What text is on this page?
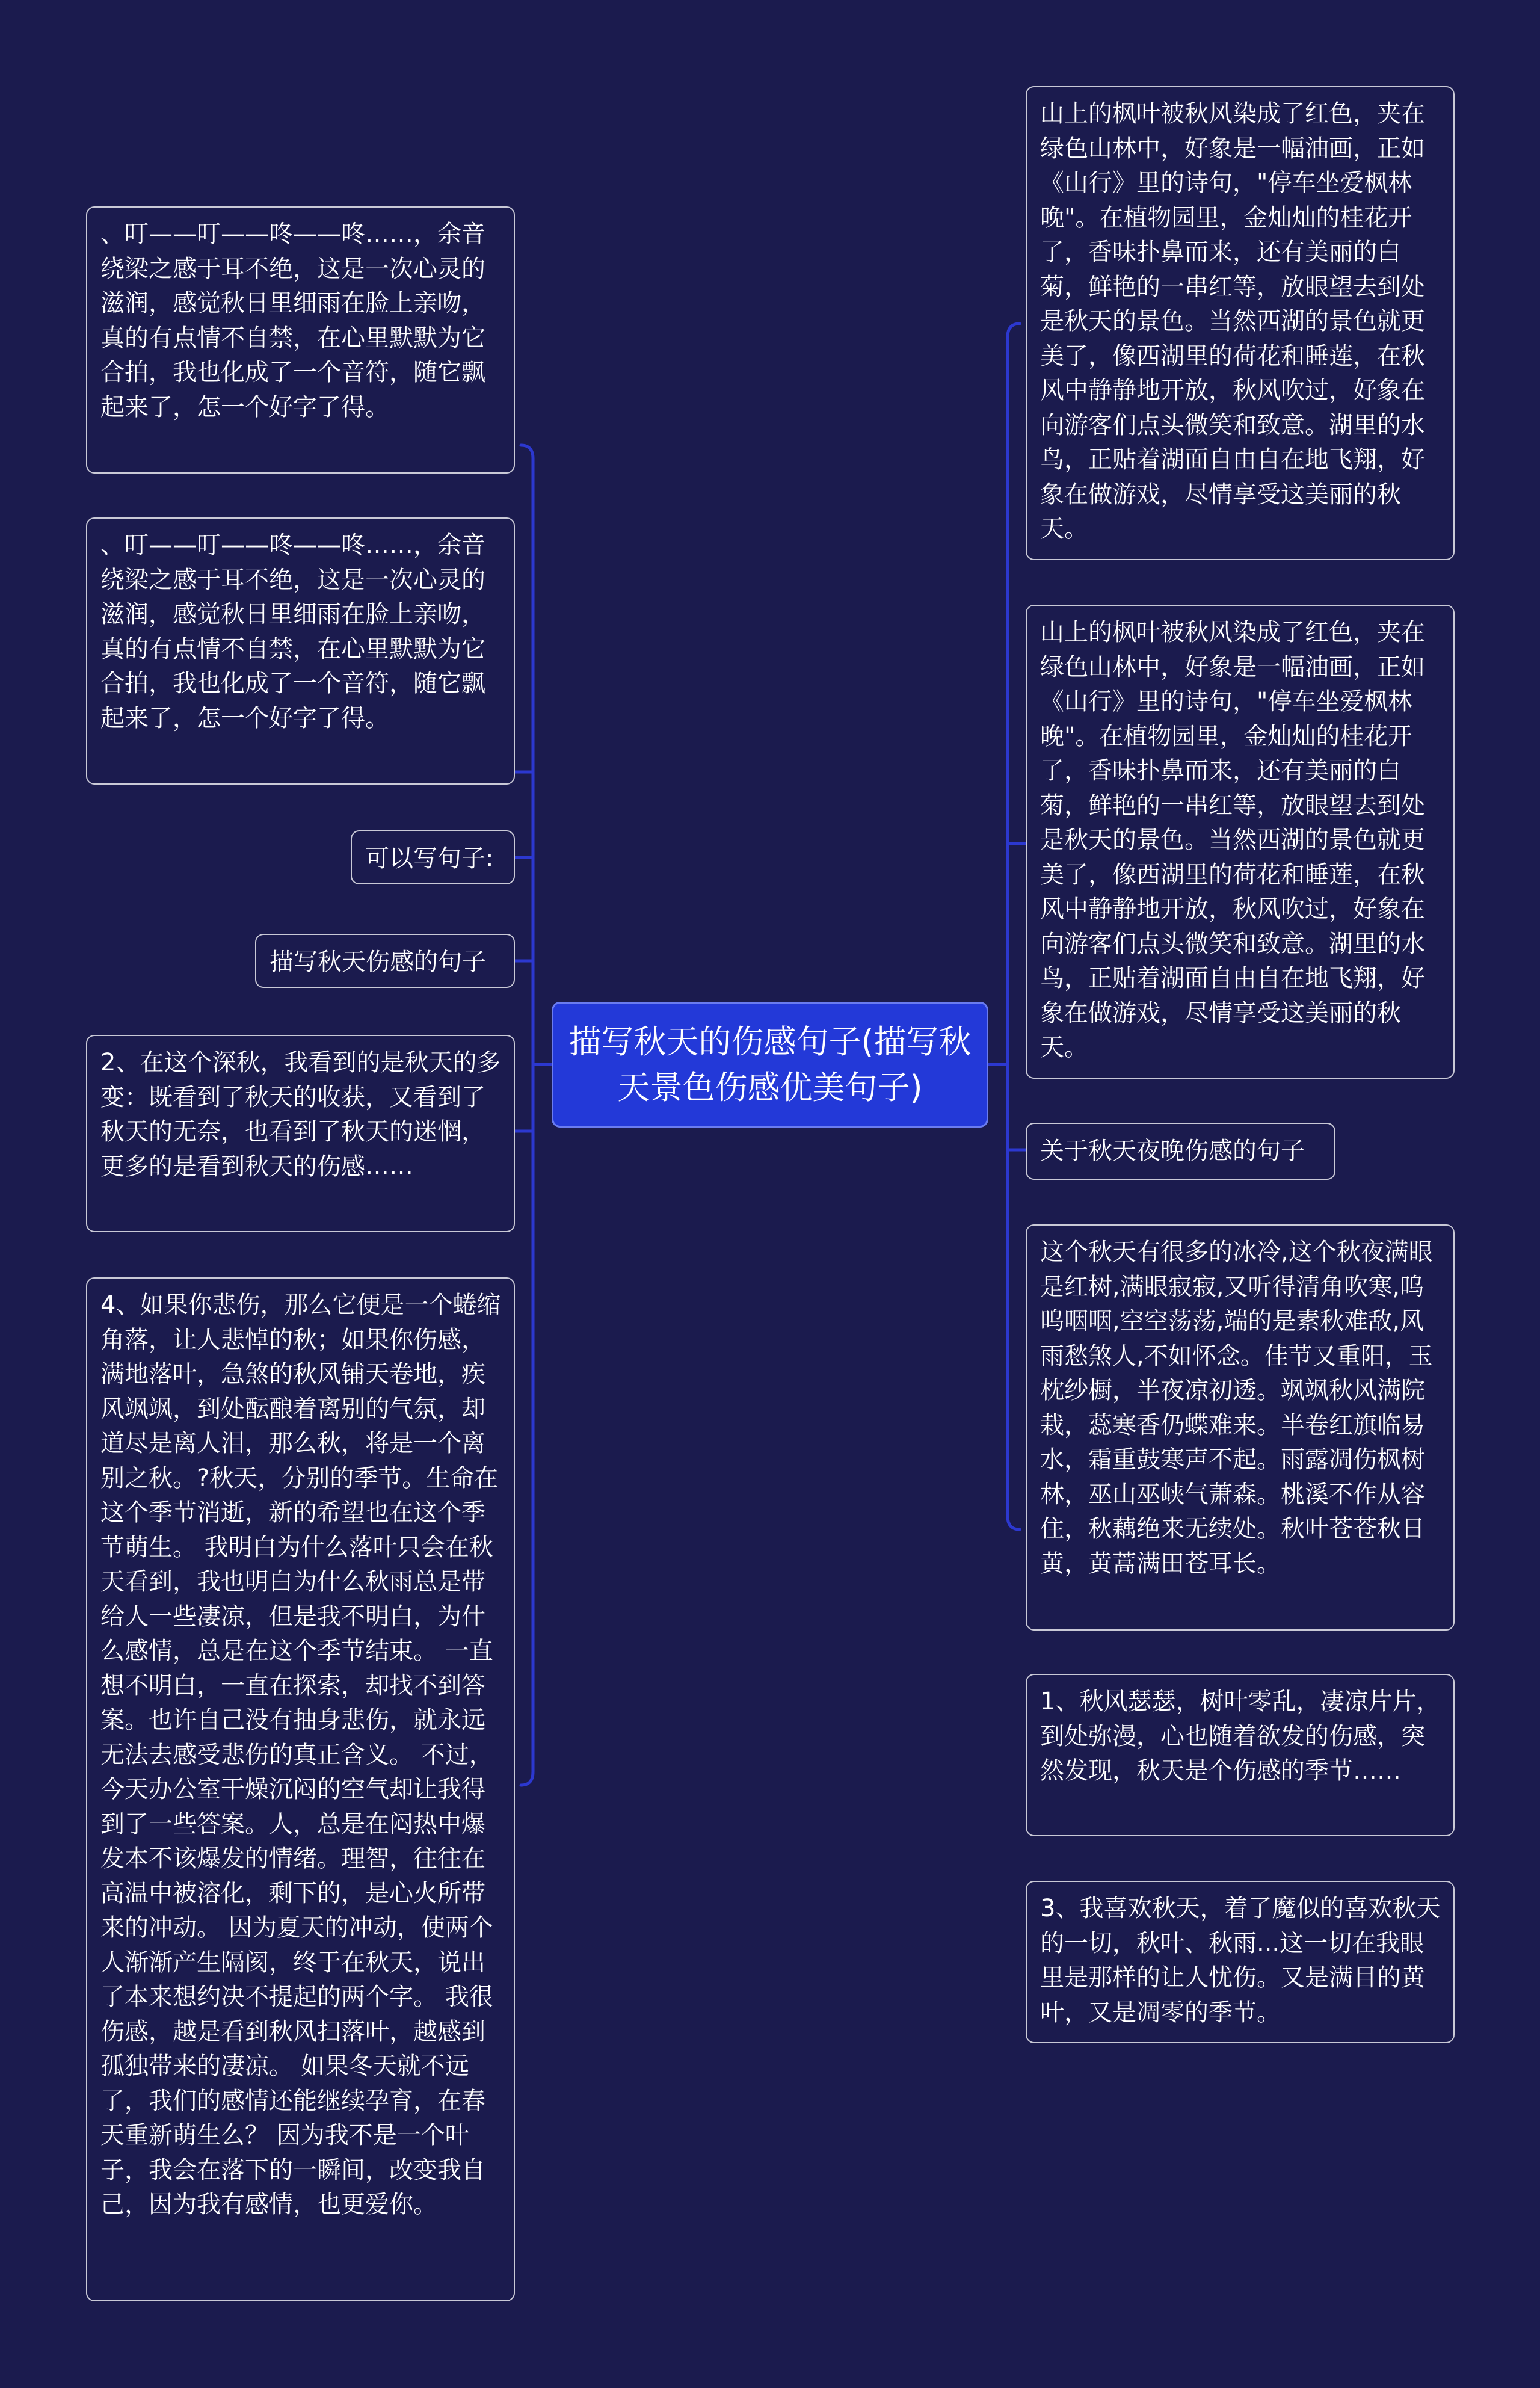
描写秋天的伤感句子(描写秋天景色伤感优美句子)
、叮——叮——咚——咚……，余音绕梁之感于耳不绝，这是一次心灵的滋润，感觉秋日里细雨在脸上亲吻，真的有点情不自禁，在心里默默为它合拍，我也化成了一个音符，随它飘起来了，怎一个好字了得。
、叮——叮——咚——咚……，余音绕梁之感于耳不绝，这是一次心灵的滋润，感觉秋日里细雨在脸上亲吻，真的有点情不自禁，在心里默默为它合拍，我也化成了一个音符，随它飘起来了，怎一个好字了得。
可以写句子:
描写秋天伤感的句子
2、在这个深秋，我看到的是秋天的多变：既看到了秋天的收获，又看到了秋天的无奈，也看到了秋天的迷惘，更多的是看到秋天的伤感……
4、如果你悲伤，那么它便是一个蜷缩角落，让人悲悼的秋；如果你伤感，满地落叶，急煞的秋风铺天卷地，疾风飒飒，到处酝酿着离别的气氛，却道尽是离人泪，那么秋，将是一个离别之秋。?秋天，分别的季节。生命在这个季节消逝，新的希望也在这个季节萌生。 我明白为什么落叶只会在秋天看到，我也明白为什么秋雨总是带给人一些凄凉，但是我不明白，为什么感情，总是在这个季节结束。 一直想不明白，一直在探索，却找不到答案。也许自己没有抽身悲伤，就永远无法去感受悲伤的真正含义。 不过，今天办公室干燥沉闷的空气却让我得到了一些答案。人，总是在闷热中爆发本不该爆发的情绪。理智，往往在高温中被溶化，剩下的，是心火所带来的冲动。 因为夏天的冲动，使两个人渐渐产生隔阂，终于在秋天，说出了本来想约决不提起的两个字。 我很伤感，越是看到秋风扫落叶，越感到孤独带来的凄凉。 如果冬天就不远了，我们的感情还能继续孕育，在春天重新萌生么？ 因为我不是一个叶子，我会在落下的一瞬间，改变我自己，因为我有感情，也更爱你。
山上的枫叶被秋风染成了红色，夹在绿色山林中，好象是一幅油画，正如《山行》里的诗句，"停车坐爱枫林晚"。在植物园里，金灿灿的桂花开了，香味扑鼻而来，还有美丽的白菊，鲜艳的一串红等，放眼望去到处是秋天的景色。当然西湖的景色就更美了，像西湖里的荷花和睡莲，在秋风中静静地开放，秋风吹过，好象在向游客们点头微笑和致意。湖里的水鸟，正贴着湖面自由自在地飞翔，好象在做游戏，尽情享受这美丽的秋天。
山上的枫叶被秋风染成了红色，夹在绿色山林中，好象是一幅油画，正如《山行》里的诗句，"停车坐爱枫林晚"。在植物园里，金灿灿的桂花开了，香味扑鼻而来，还有美丽的白菊，鲜艳的一串红等，放眼望去到处是秋天的景色。当然西湖的景色就更美了，像西湖里的荷花和睡莲，在秋风中静静地开放，秋风吹过，好象在向游客们点头微笑和致意。湖里的水鸟，正贴着湖面自由自在地飞翔，好象在做游戏，尽情享受这美丽的秋天。
关于秋天夜晚伤感的句子
这个秋天有很多的冰冷,这个秋夜满眼是红树,满眼寂寂,又听得清角吹寒,呜呜咽咽,空空荡荡,端的是素秋难敌,风雨愁煞人,不如怀念。佳节又重阳，玉枕纱橱，半夜凉初透。飒飒秋风满院栽，蕊寒香仍蝶难来。半卷红旗临易水，霜重鼓寒声不起。雨露凋伤枫树林，巫山巫峡气萧森。桃溪不作从容住，秋藕绝来无续处。秋叶苍苍秋日黄，黄蒿满田苍耳长。
1、秋风瑟瑟，树叶零乱，凄凉片片，到处弥漫，心也随着欲发的伤感，突然发现，秋天是个伤感的季节……
3、我喜欢秋天，着了魔似的喜欢秋天的一切，秋叶、秋雨...这一切在我眼里是那样的让人忧伤。又是满目的黄叶，又是凋零的季节。
